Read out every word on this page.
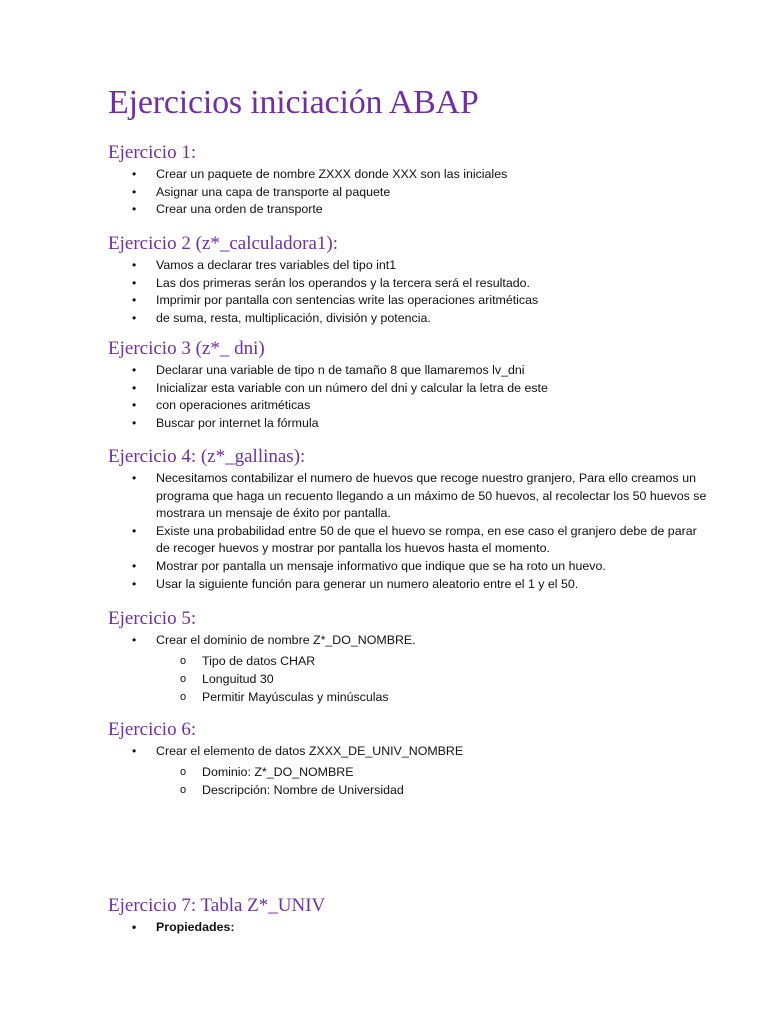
Ejercicios iniciación ABAP
Ejercicio 1:
• Crear un paquete de nombre ZXXX donde XXX son las iniciales
• Asignar una capa de transporte al paquete
• Crear una orden de transporte
Ejercicio 2 (z*_calculadora1):
• Vamos a declarar tres variables del tipo int1
• Las dos primeras serán los operandos y la tercera será el resultado.
• Imprimir por pantalla con sentencias write las operaciones aritméticas
• de suma, resta, multiplicación, división y potencia.
Ejercicio 3 (z*_ dni)
• Declarar una variable de tipo n de tamaño 8 que llamaremos lv_dni
• Inicializar esta variable con un número del dni y calcular la letra de este
• con operaciones aritméticas
• Buscar por internet la fórmula
Ejercicio 4: (z*_gallinas):
• Necesitamos contabilizar el numero de huevos que recoge nuestro granjero, Para ello creamos un programa que haga un recuento llegando a un máximo de 50 huevos, al recolectar los 50 huevos se mostrara un mensaje de éxito por pantalla.
• Existe una probabilidad entre 50 de que el huevo se rompa, en ese caso el granjero debe de parar de recoger huevos y mostrar por pantalla los huevos hasta el momento.
• Mostrar por pantalla un mensaje informativo que indique que se ha roto un huevo.
• Usar la siguiente función para generar un numero aleatorio entre el 1 y el 50.
Ejercicio 5:
• Crear el dominio de nombre Z*_DO_NOMBRE.
o Tipo de datos CHAR
o Longuitud 30
o Permitir Mayúsculas y minúsculas
Ejercicio 6:
• Crear el elemento de datos ZXXX_DE_UNIV_NOMBRE
o Dominio: Z*_DO_NOMBRE
o Descripción: Nombre de Universidad
Ejercicio 7: Tabla Z*_UNIV
• Propiedades:
